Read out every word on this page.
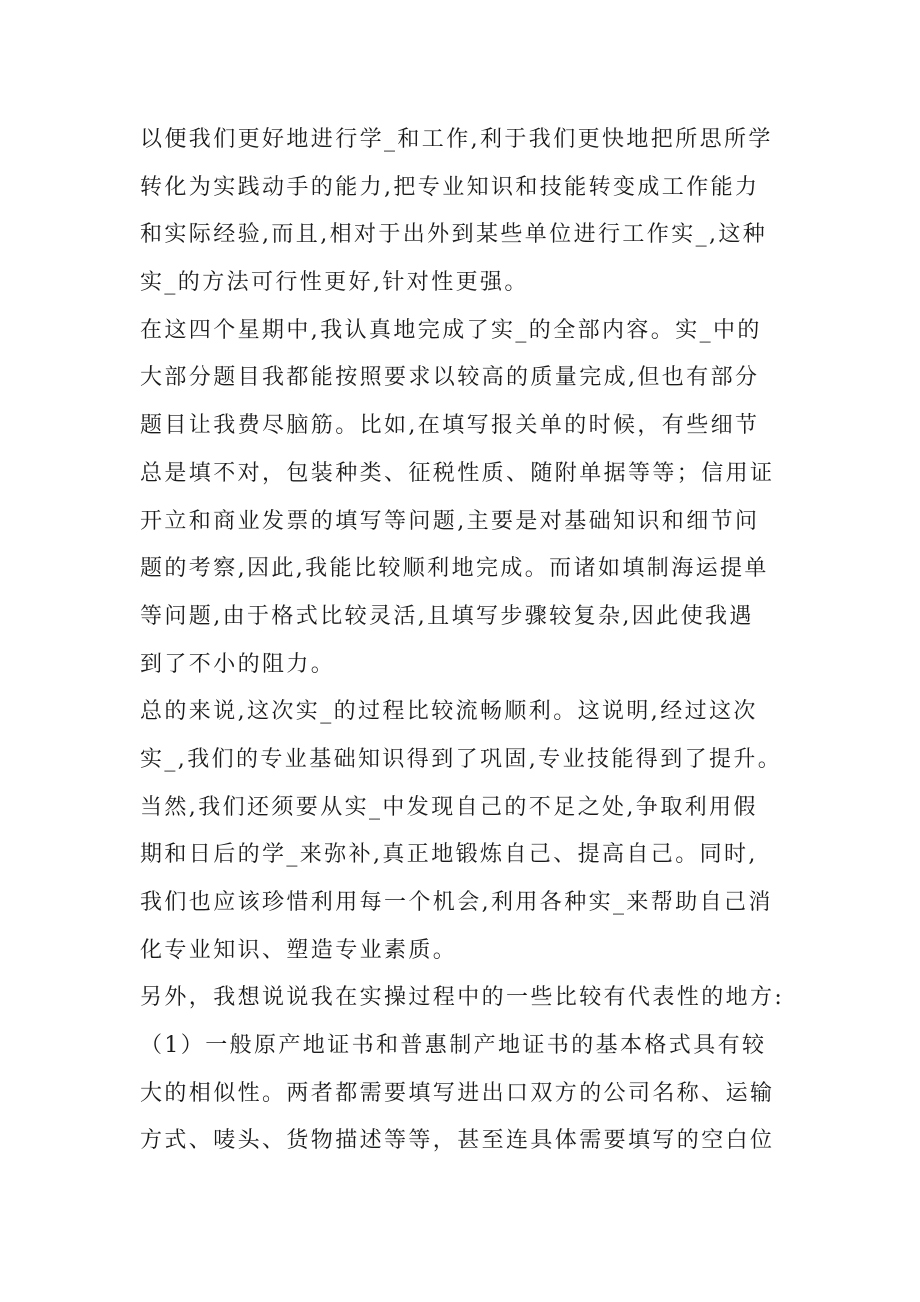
以便我们更好地进行学_和工作,利于我们更快地把所思所学
转化为实践动手的能力,把专业知识和技能转变成工作能力
和实际经验,而且,相对于出外到某些单位进行工作实_,这种
实_的方法可行性更好,针对性更强。
在这四个星期中,我认真地完成了实_的全部内容。实_中的
大部分题目我都能按照要求以较高的质量完成,但也有部分
题目让我费尽脑筋。比如,在填写报关单的时候，有些细节
总是填不对，包装种类、征税性质、随附单据等等；信用证
开立和商业发票的填写等问题,主要是对基础知识和细节问
题的考察,因此,我能比较顺利地完成。而诸如填制海运提单
等问题,由于格式比较灵活,且填写步骤较复杂,因此使我遇
到了不小的阻力。
总的来说,这次实_的过程比较流畅顺利。这说明,经过这次
实_,我们的专业基础知识得到了巩固,专业技能得到了提升。
当然,我们还须要从实_中发现自己的不足之处,争取利用假
期和日后的学_来弥补,真正地锻炼自己、提高自己。同时,
我们也应该珍惜利用每一个机会,利用各种实_来帮助自己消
化专业知识、塑造专业素质。
另外，我想说说我在实操过程中的一些比较有代表性的地方:
（1）一般原产地证书和普惠制产地证书的基本格式具有较
大的相似性。两者都需要填写进出口双方的公司名称、运输
方式、唛头、货物描述等等，甚至连具体需要填写的空白位
